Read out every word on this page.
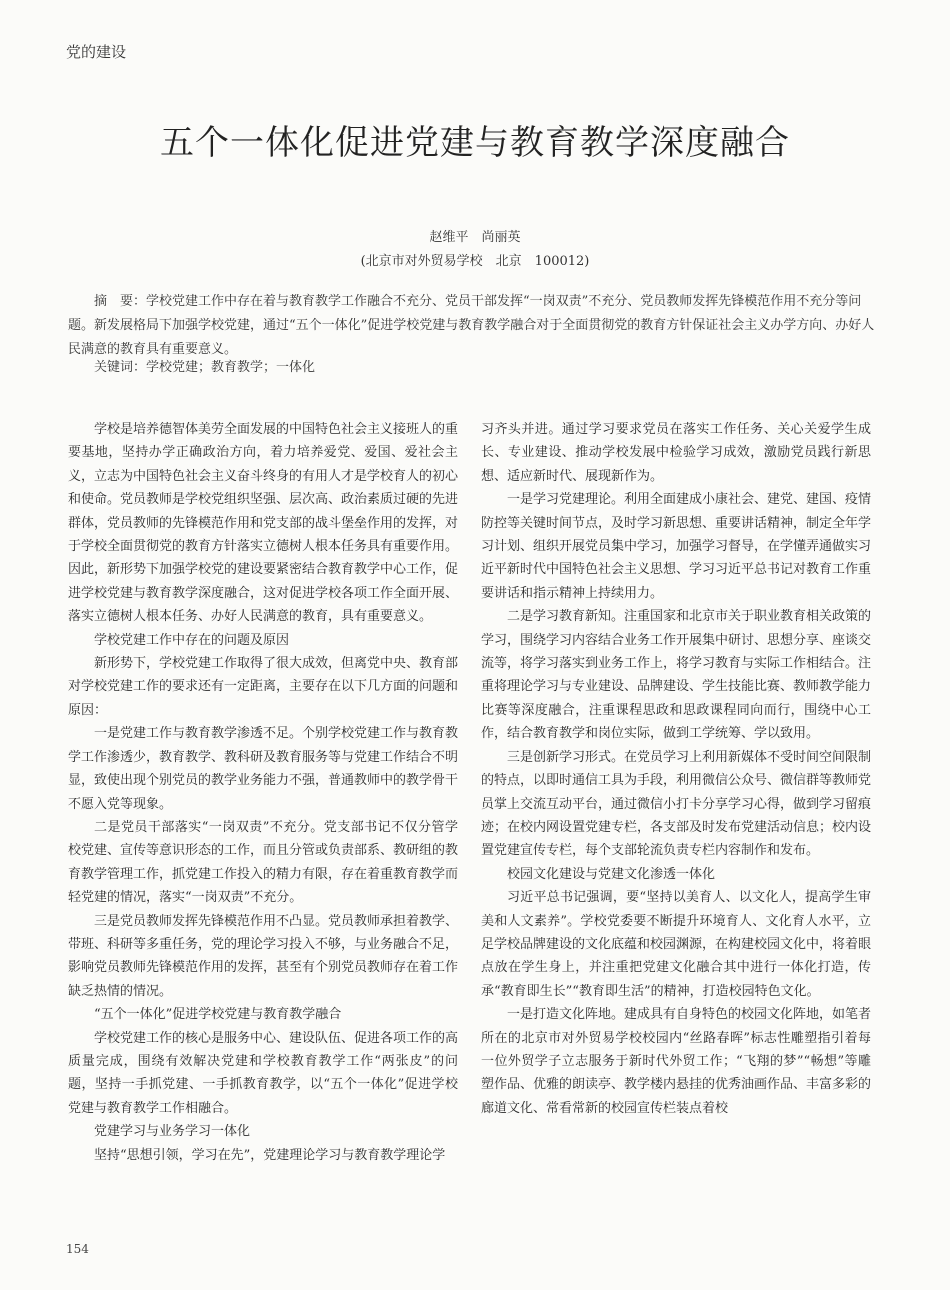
党的建设
五个一体化促进党建与教育教学深度融合
赵维平　尚丽英
(北京市对外贸易学校　北京　100012)

摘　要：学校党建工作中存在着与教育教学工作融合不充分、党员干部发挥“一岗双责”不充分、党员教师发挥先锋模范作用不充分等问题。新发展格局下加强学校党建，通过“五个一体化”促进学校党建与教育教学融合对于全面贯彻党的教育方针保证社会主义办学方向、办好人民满意的教育具有重要意义。

关键词：学校党建；教育教学；一体化

学校是培养德智体美劳全面发展的中国特色社会主义接班人的重要基地，坚持办学正确政治方向，着力培养爱党、爱国、爱社会主义，立志为中国特色社会主义奋斗终身的有用人才是学校育人的初心和使命。党员教师是学校党组织坚强、层次高、政治素质过硬的先进群体，党员教师的先锋模范作用和党支部的战斗堡垒作用的发挥，对于学校全面贯彻党的教育方针落实立德树人根本任务具有重要作用。因此，新形势下加强学校党的建设要紧密结合教育教学中心工作，促进学校党建与教育教学深度融合，这对促进学校各项工作全面开展、落实立德树人根本任务、办好人民满意的教育，具有重要意义。

学校党建工作中存在的问题及原因

新形势下，学校党建工作取得了很大成效，但离党中央、教育部对学校党建工作的要求还有一定距离，主要存在以下几方面的问题和原因：

一是党建工作与教育教学渗透不足。个别学校党建工作与教育教学工作渗透少，教育教学、教科研及教育服务等与党建工作结合不明显，致使出现个别党员的教学业务能力不强，普通教师中的教学骨干不愿入党等现象。

二是党员干部落实“一岗双责”不充分。党支部书记不仅分管学校党建、宣传等意识形态的工作，而且分管或负责部系、教研组的教育教学管理工作，抓党建工作投入的精力有限，存在着重教育教学而轻党建的情况，落实“一岗双责”不充分。

三是党员教师发挥先锋模范作用不凸显。党员教师承担着教学、带班、科研等多重任务，党的理论学习投入不够，与业务融合不足，影响党员教师先锋模范作用的发挥，甚至有个别党员教师存在着工作缺乏热情的情况。

“五个一体化”促进学校党建与教育教学融合

学校党建工作的核心是服务中心、建设队伍、促进各项工作的高质量完成，围绕有效解决党建和学校教育教学工作“两张皮”的问题，坚持一手抓党建、一手抓教育教学，以“五个一体化”促进学校党建与教育教学工作相融合。

党建学习与业务学习一体化

坚持“思想引领，学习在先”，党建理论学习与教育教学理论学

习齐头并进。通过学习要求党员在落实工作任务、关心关爱学生成长、专业建设、推动学校发展中检验学习成效，激励党员践行新思想、适应新时代、展现新作为。

一是学习党建理论。利用全面建成小康社会、建党、建国、疫情防控等关键时间节点，及时学习新思想、重要讲话精神，制定全年学习计划、组织开展党员集中学习，加强学习督导，在学懂弄通做实习近平新时代中国特色社会主义思想、学习习近平总书记对教育工作重要讲话和指示精神上持续用力。

二是学习教育新知。注重国家和北京市关于职业教育相关政策的学习，围绕学习内容结合业务工作开展集中研讨、思想分享、座谈交流等，将学习落实到业务工作上，将学习教育与实际工作相结合。注重将理论学习与专业建设、品牌建设、学生技能比赛、教师教学能力比赛等深度融合，注重课程思政和思政课程同向而行，围绕中心工作，结合教育教学和岗位实际，做到工学统筹、学以致用。

三是创新学习形式。在党员学习上利用新媒体不受时间空间限制的特点，以即时通信工具为手段，利用微信公众号、微信群等教师党员掌上交流互动平台，通过微信小打卡分享学习心得，做到学习留痕迹；在校内网设置党建专栏，各支部及时发布党建活动信息；校内设置党建宣传专栏，每个支部轮流负责专栏内容制作和发布。

校园文化建设与党建文化渗透一体化

习近平总书记强调，要“坚持以美育人、以文化人，提高学生审美和人文素养”。学校党委要不断提升环境育人、文化育人水平，立足学校品牌建设的文化底蕴和校园渊源，在构建校园文化中，将着眼点放在学生身上，并注重把党建文化融合其中进行一体化打造，传承“教育即生长”“教育即生活”的精神，打造校园特色文化。

一是打造文化阵地。建成具有自身特色的校园文化阵地，如笔者所在的北京市对外贸易学校校园内“丝路春晖”标志性雕塑指引着每一位外贸学子立志服务于新时代外贸工作；“飞翔的梦”“畅想”等雕塑作品、优雅的朗读亭、教学楼内悬挂的优秀油画作品、丰富多彩的廊道文化、常看常新的校园宣传栏装点着校

154
